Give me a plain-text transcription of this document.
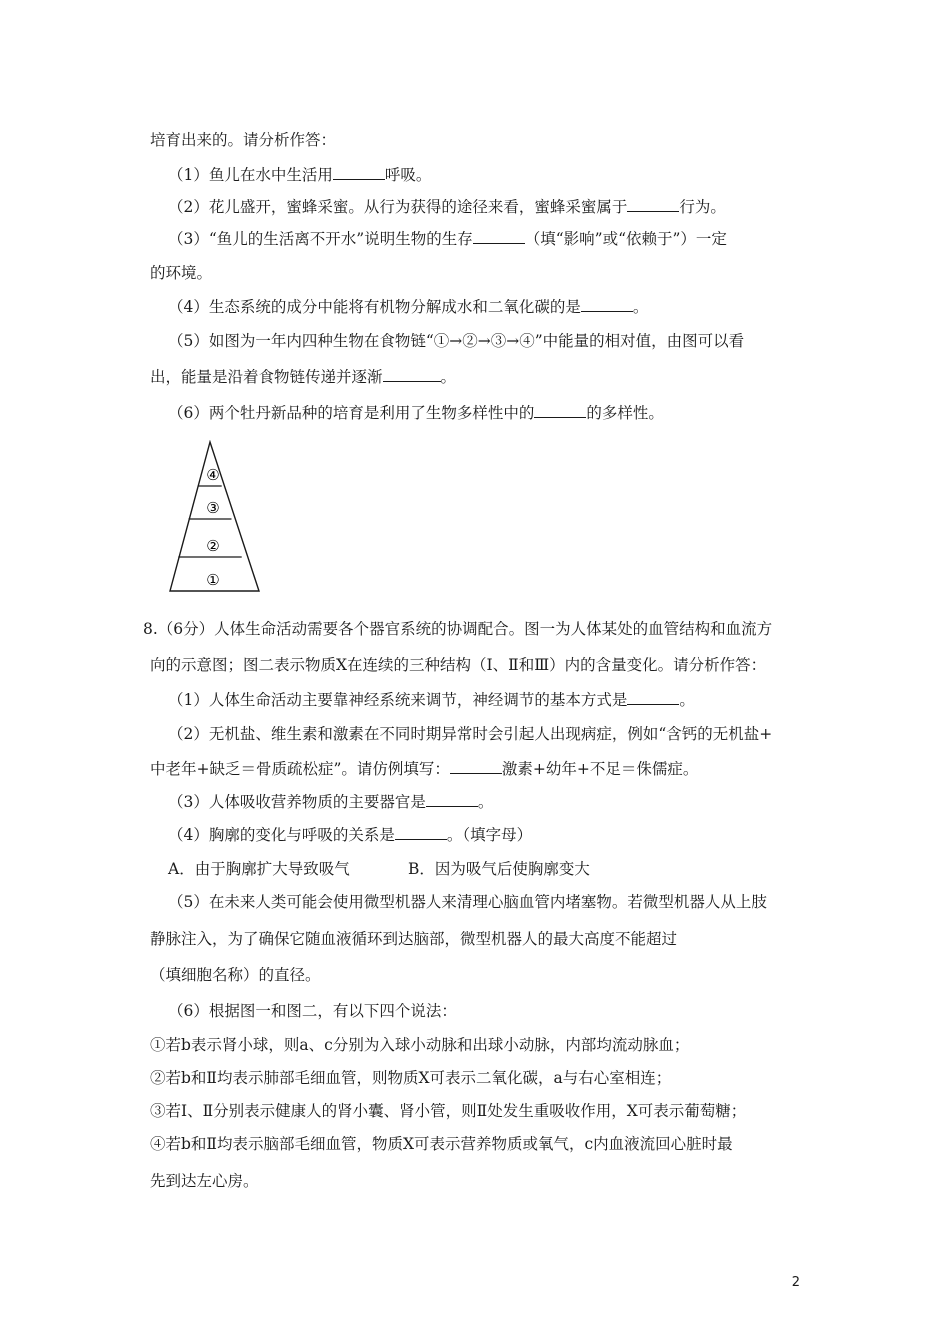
培育出来的。请分析作答：
（1）鱼儿在水中生活用	呼吸。
（2）花儿盛开，蜜蜂采蜜。从行为获得的途径来看，蜜蜂采蜜属于	行为。
（3）“鱼儿的生活离不开水”说明生物的生存	（填“影响”或“依赖于”）一定
的环境。
（4）生态系统的成分中能将有机物分解成水和二氧化碳的是	。
（5）如图为一年内四种生物在食物链“①→②→③→④”中能量的相对值，由图可以看
出，能量是沿着食物链传递并逐渐	。
（6）两个牡丹新品种的培育是利用了生物多样性中的	的多样性。
④
③
②
①
8.（6分）人体生命活动需要各个器官系统的协调配合。图一为人体某处的血管结构和血流方
向的示意图；图二表示物质X在连续的三种结构（Ⅰ、Ⅱ和Ⅲ）内的含量变化。请分析作答：
（1）人体生命活动主要靠神经系统来调节，神经调节的基本方式是	。
（2）无机盐、维生素和激素在不同时期异常时会引起人出现病症，例如“含钙的无机盐+
中老年+缺乏＝骨质疏松症”。请仿例填写：	激素+幼年+不足＝侏儒症。
（3）人体吸收营养物质的主要器官是	。
（4）胸廓的变化与呼吸的关系是	。（填字母）
A．由于胸廓扩大导致吸气	B．因为吸气后使胸廓变大
（5）在未来人类可能会使用微型机器人来清理心脑血管内堵塞物。若微型机器人从上肢
静脉注入，为了确保它随血液循环到达脑部，微型机器人的最大高度不能超过
（填细胞名称）的直径。
（6）根据图一和图二，有以下四个说法：
①若b表示肾小球，则a、c分别为入球小动脉和出球小动脉，内部均流动脉血；
②若b和Ⅱ均表示肺部毛细血管，则物质X可表示二氧化碳，a与右心室相连；
③若Ⅰ、Ⅱ分别表示健康人的肾小囊、肾小管，则Ⅱ处发生重吸收作用，X可表示葡萄糖；
④若b和Ⅱ均表示脑部毛细血管，物质X可表示营养物质或氧气，c内血液流回心脏时最
先到达左心房。
2
